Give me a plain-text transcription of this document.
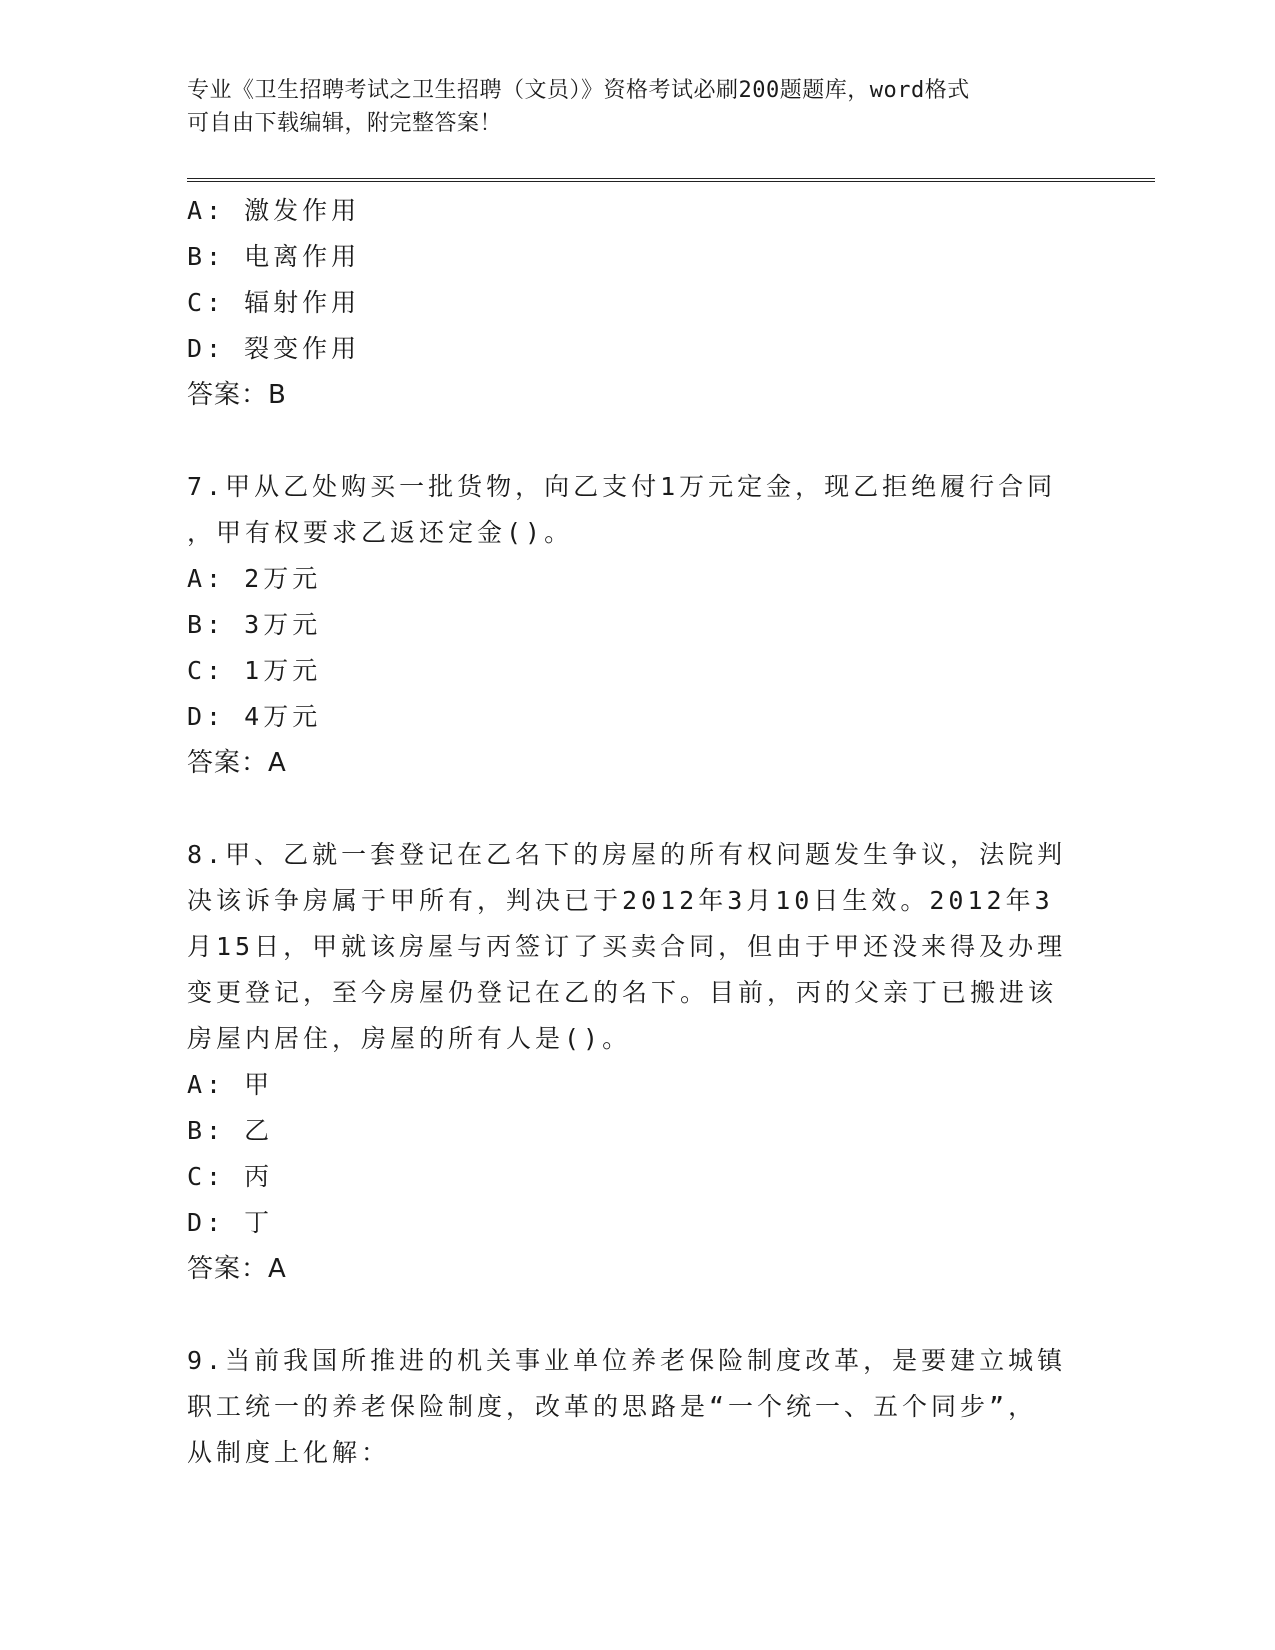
专业《卫生招聘考试之卫生招聘（文员）》资格考试必刷200题题库，word格式
可自由下载编辑，附完整答案！
A: 激发作用
B: 电离作用
C: 辐射作用
D: 裂变作用
答案：B
7.甲从乙处购买一批货物，向乙支付1万元定金，现乙拒绝履行合同
，甲有权要求乙返还定金()。
A: 2万元
B: 3万元
C: 1万元
D: 4万元
答案：A
8.甲、乙就一套登记在乙名下的房屋的所有权问题发生争议，法院判
决该诉争房属于甲所有，判决已于2012年3月10日生效。2012年3
月15日，甲就该房屋与丙签订了买卖合同，但由于甲还没来得及办理
变更登记，至今房屋仍登记在乙的名下。目前，丙的父亲丁已搬进该
房屋内居住，房屋的所有人是()。
A: 甲
B: 乙
C: 丙
D: 丁
答案：A
9.当前我国所推进的机关事业单位养老保险制度改革，是要建立城镇
职工统一的养老保险制度，改革的思路是“一个统一、五个同步”，
从制度上化解：
